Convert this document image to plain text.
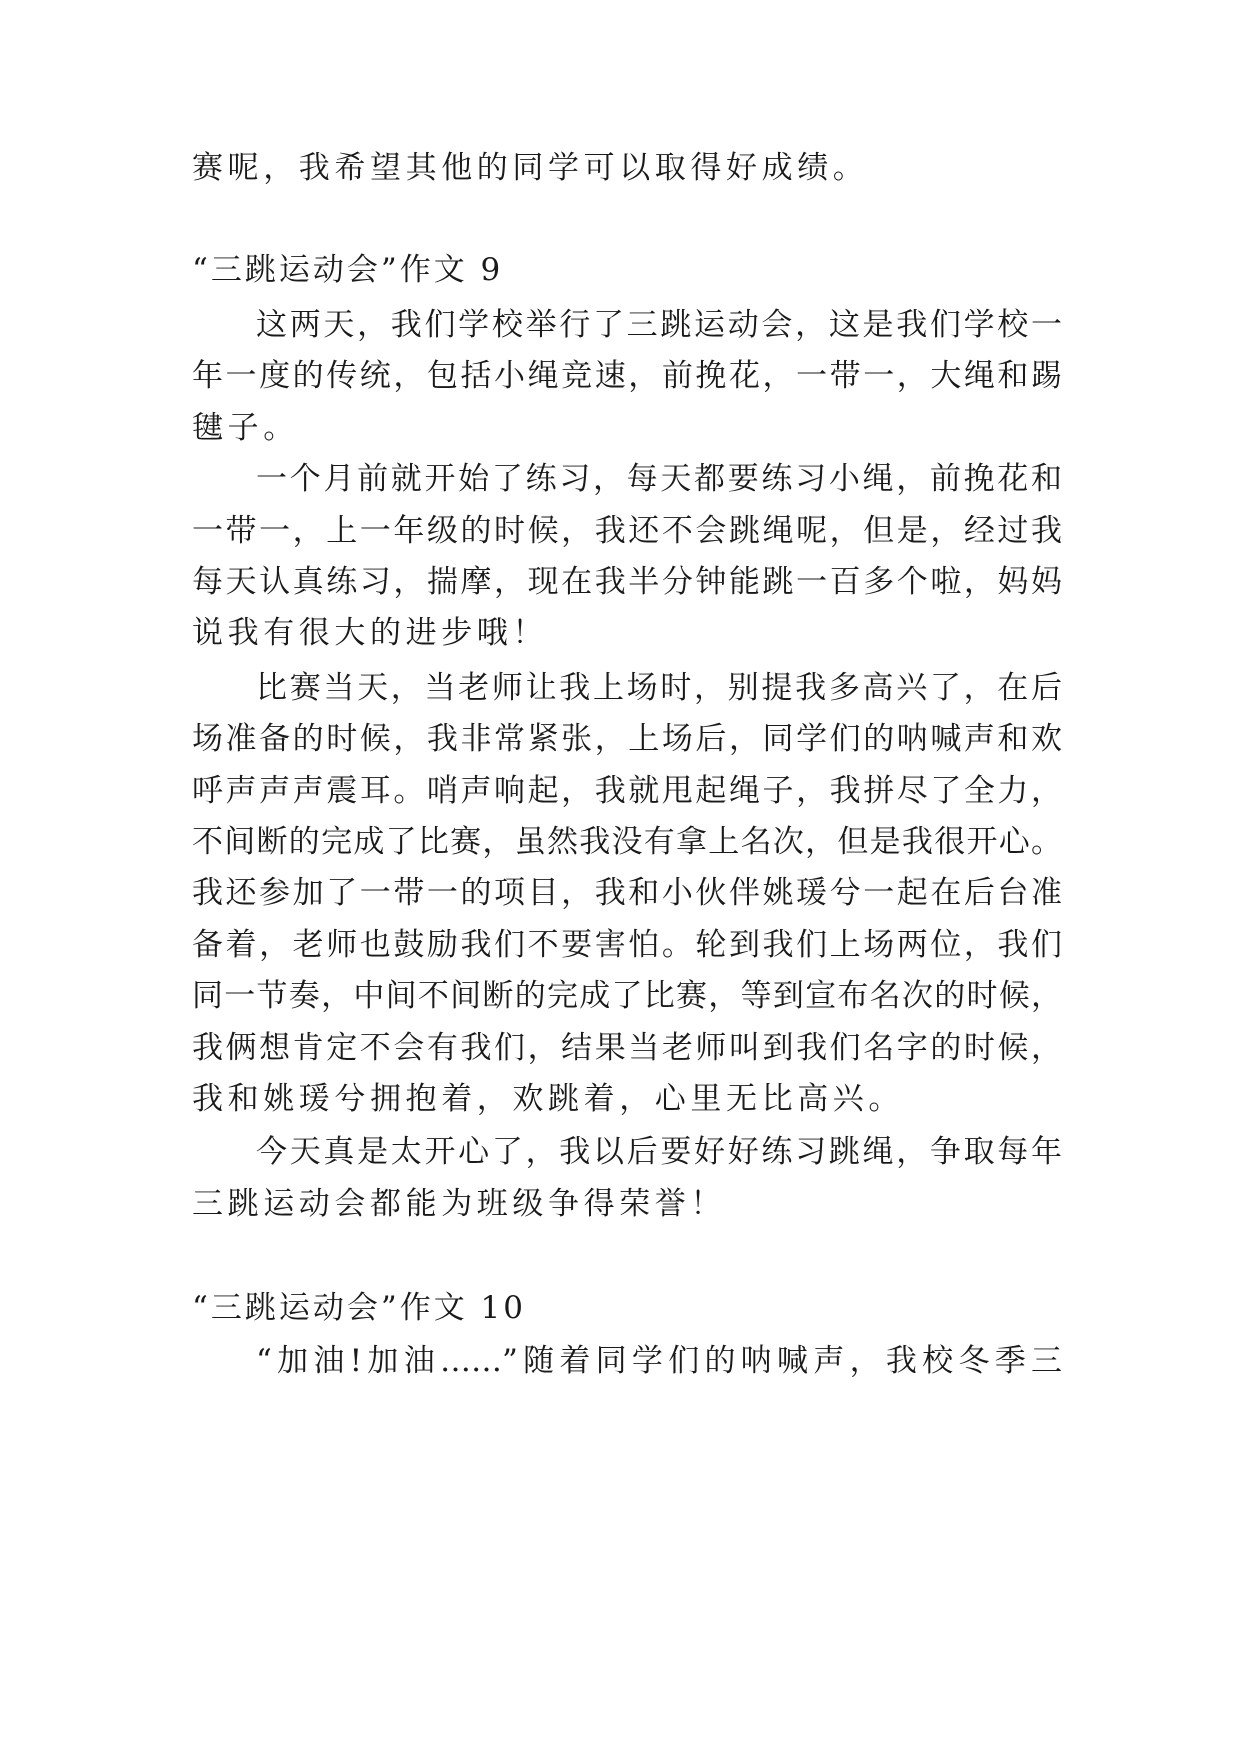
赛呢，我希望其他的同学可以取得好成绩。
“三跳运动会”作文 9
这两天，我们学校举行了三跳运动会，这是我们学校一
年一度的传统，包括小绳竞速，前挽花，一带一，大绳和踢
毽子。
一个月前就开始了练习，每天都要练习小绳，前挽花和
一带一，上一年级的时候，我还不会跳绳呢，但是，经过我
每天认真练习，揣摩，现在我半分钟能跳一百多个啦，妈妈
说我有很大的进步哦！
比赛当天，当老师让我上场时，别提我多高兴了，在后
场准备的时候，我非常紧张，上场后，同学们的呐喊声和欢
呼声声声震耳。哨声响起，我就甩起绳子，我拼尽了全力，
不间断的完成了比赛，虽然我没有拿上名次，但是我很开心。
我还参加了一带一的项目，我和小伙伴姚瑗兮一起在后台准
备着，老师也鼓励我们不要害怕。轮到我们上场两位，我们
同一节奏，中间不间断的完成了比赛，等到宣布名次的时候，
我俩想肯定不会有我们，结果当老师叫到我们名字的时候，
我和姚瑗兮拥抱着，欢跳着，心里无比高兴。
今天真是太开心了，我以后要好好练习跳绳，争取每年
三跳运动会都能为班级争得荣誉！
“三跳运动会”作文 10
“加油!加油……”随着同学们的呐喊声，我校冬季三
